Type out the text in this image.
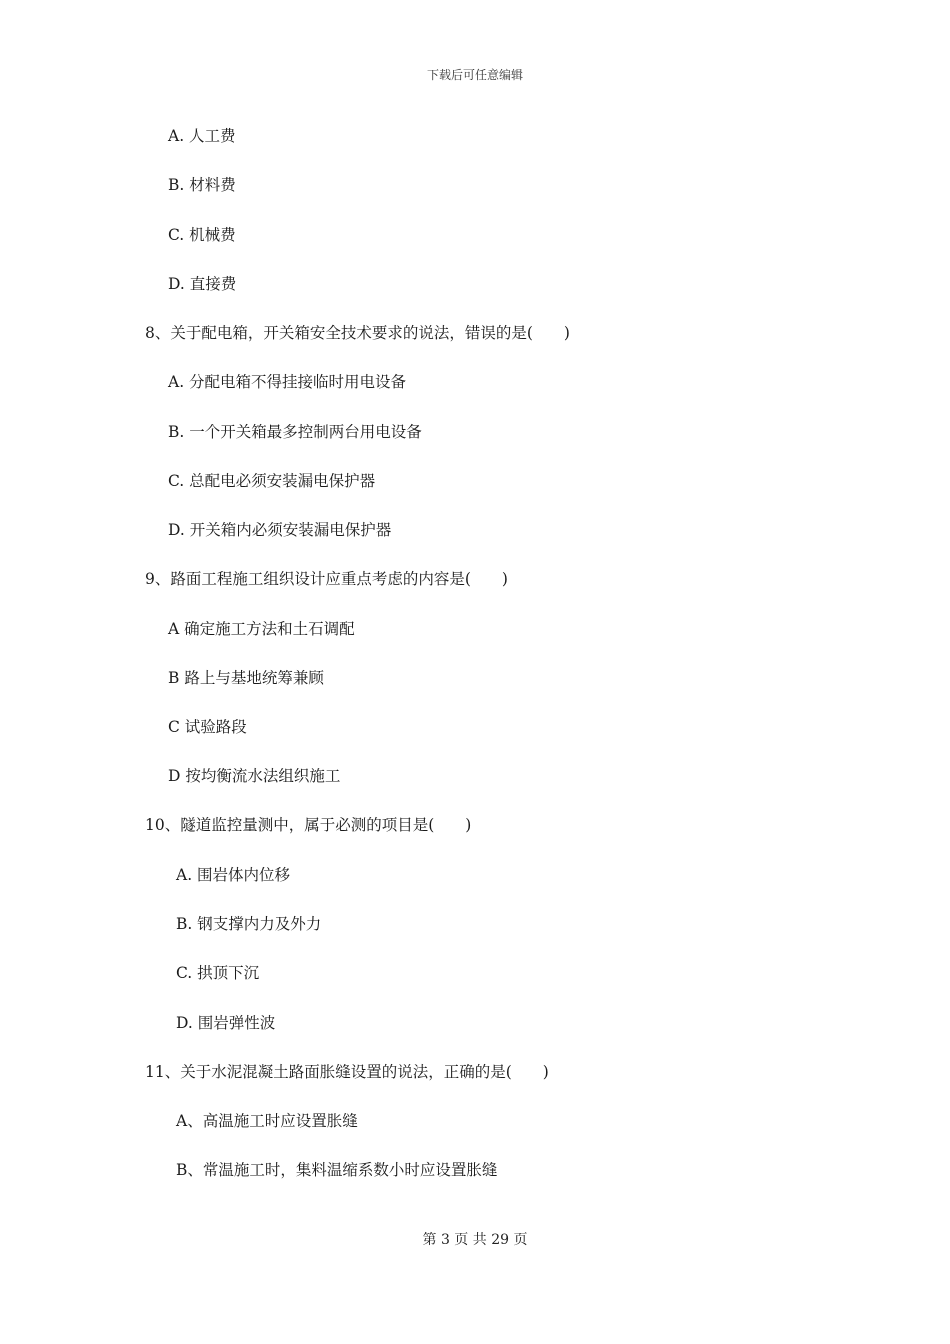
下载后可任意编辑
A. 人工费
B. 材料费
C. 机械费
D. 直接费
8、关于配电箱，开关箱安全技术要求的说法，错误的是(　　)
A. 分配电箱不得挂接临时用电设备
B. 一个开关箱最多控制两台用电设备
C. 总配电必须安装漏电保护器
D. 开关箱内必须安装漏电保护器
9、路面工程施工组织设计应重点考虑的内容是(　　)
A 确定施工方法和土石调配
B 路上与基地统筹兼顾
C 试验路段
D 按均衡流水法组织施工
10、隧道监控量测中，属于必测的项目是(　　)
A. 围岩体内位移
B. 钢支撑内力及外力
C. 拱顶下沉
D. 围岩弹性波
11、关于水泥混凝土路面胀缝设置的说法，正确的是(　　)
A、高温施工时应设置胀缝
B、常温施工时，集料温缩系数小时应设置胀缝
第 3 页 共 29 页
